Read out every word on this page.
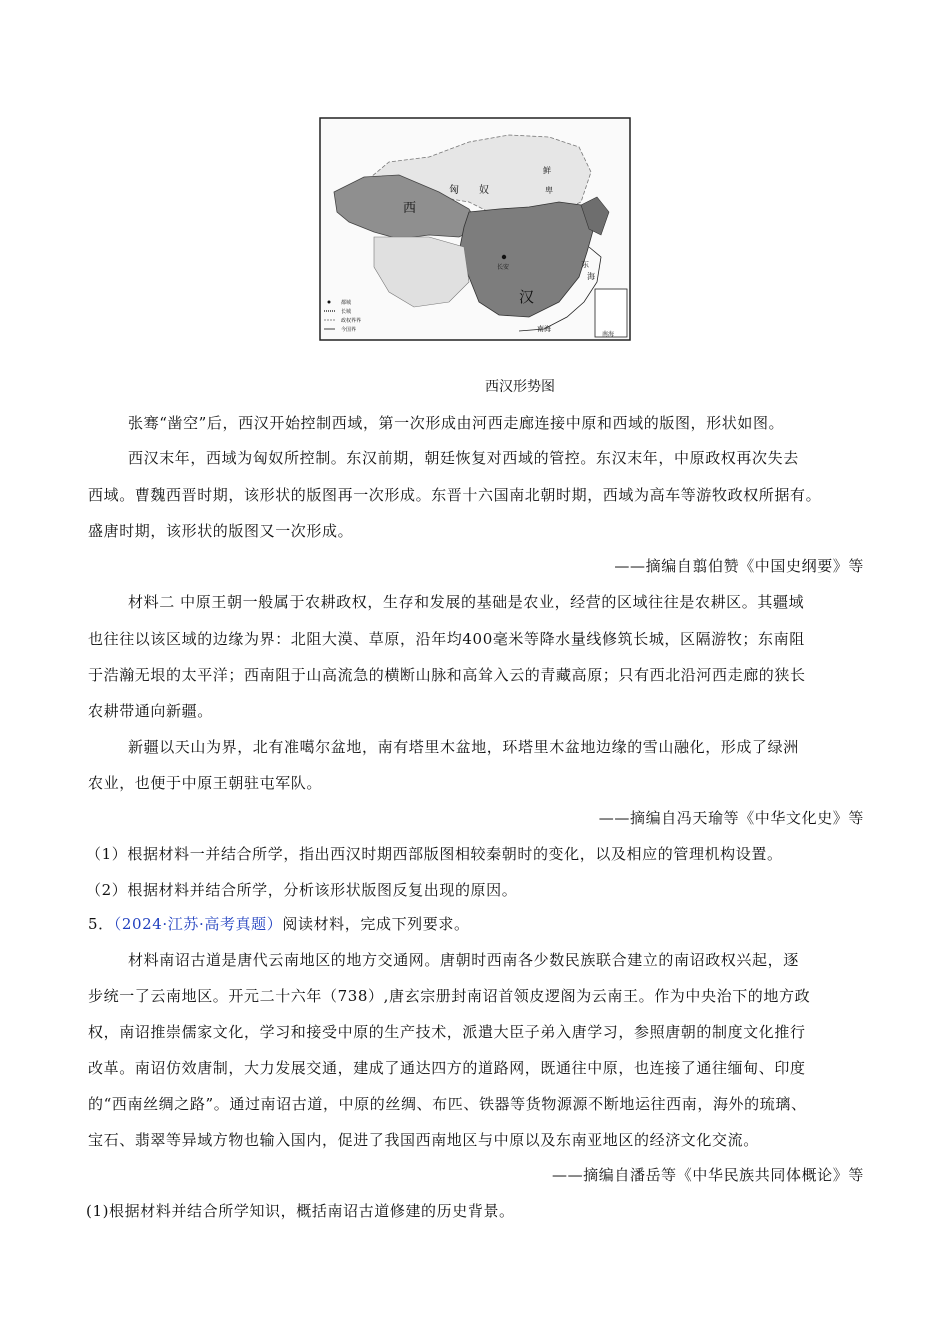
西
汉
匈 奴
鲜
卑
长安	东
海
南海
南海
都城
长城
政权界界
今国界
西汉形势图
张骞“凿空”后，西汉开始控制西域，第一次形成由河西走廊连接中原和西域的版图，形状如图。
西汉末年，西域为匈奴所控制。东汉前期，朝廷恢复对西域的管控。东汉末年，中原政权再次失去
西域。曹魏西晋时期，该形状的版图再一次形成。东晋十六国南北朝时期，西域为高车等游牧政权所据有。
盛唐时期，该形状的版图又一次形成。
——摘编自翦伯赞《中国史纲要》等
材料二 中原王朝一般属于农耕政权，生存和发展的基础是农业，经营的区域往往是农耕区。其疆域
也往往以该区域的边缘为界：北阻大漠、草原，沿年均400毫米等降水量线修筑长城，区隔游牧；东南阻
于浩瀚无垠的太平洋；西南阻于山高流急的横断山脉和高耸入云的青藏高原；只有西北沿河西走廊的狭长
农耕带通向新疆。
新疆以天山为界，北有准噶尔盆地，南有塔里木盆地，环塔里木盆地边缘的雪山融化，形成了绿洲
农业，也便于中原王朝驻屯军队。
——摘编自冯天瑜等《中华文化史》等
（1）根据材料一并结合所学，指出西汉时期西部版图相较秦朝时的变化，以及相应的管理机构设置。
（2）根据材料并结合所学，分析该形状版图反复出现的原因。
5．（2024·江苏·高考真题）阅读材料，完成下列要求。
材料南诏古道是唐代云南地区的地方交通网。唐朝时西南各少数民族联合建立的南诏政权兴起，逐
步统一了云南地区。开元二十六年（738）,唐玄宗册封南诏首领皮逻阁为云南王。作为中央治下的地方政
权，南诏推崇儒家文化，学习和接受中原的生产技术，派遣大臣子弟入唐学习，参照唐朝的制度文化推行
改革。南诏仿效唐制，大力发展交通，建成了通达四方的道路网，既通往中原，也连接了通往缅甸、印度
的“西南丝绸之路”。通过南诏古道，中原的丝绸、布匹、铁器等货物源源不断地运往西南，海外的琉璃、
宝石、翡翠等异域方物也输入国内，促进了我国西南地区与中原以及东南亚地区的经济文化交流。
——摘编自潘岳等《中华民族共同体概论》等
(1)根据材料并结合所学知识，概括南诏古道修建的历史背景。
